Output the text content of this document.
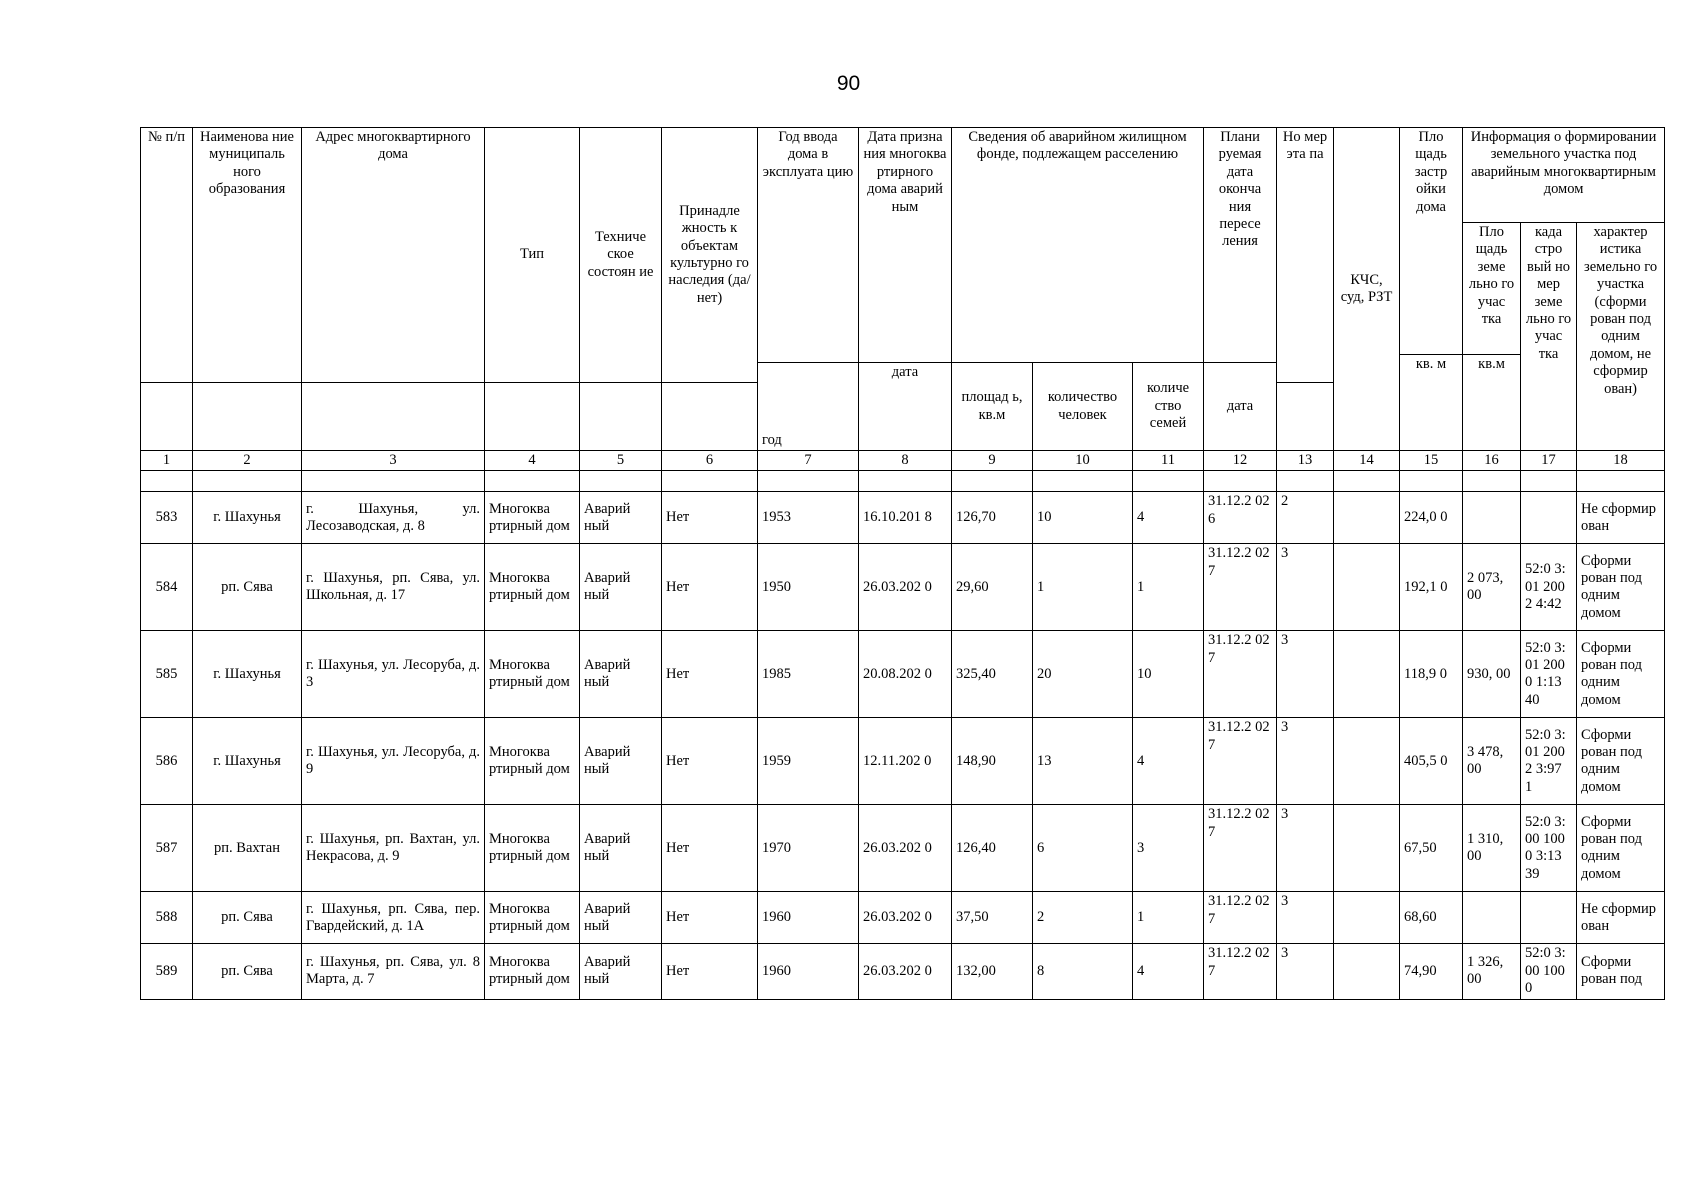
90
№ п/п	Наименова ние муниципаль ного образования	Адрес многоквартирного дома	Тип	Техниче ское состоян ие	Принадле жность к объектам культурно го наследия (да/нет)	Год ввода дома в эксплуата цию	Дата призна ния многоква ртирного дома аварий ным	Сведения об аварийном жилищном фонде, подлежащем расселению			Плани руемая дата оконча ния пересе ления	Но мер эта па	КЧС, суд, РЗТ	Пло щадь застр ойки дома	Информация о формировании земельного участка под аварийным многоквартирным домом		
															Пло щадь земе льно го учас тка	када стро вый но мер земе льно го учас тка	характер истика земельно го участка (сформи рован под одним домом, не сформир ован)
														кв. м	кв.м		
						год	дата	площад ь, кв.м	количество человек	количе ство семей	дата						

1	2	3	4	5	6	7	8	9	10	11	12	13	14	15	16	17	18

583	г. Шахунья	г. Шахунья, ул. Лесозаводская, д. 8	Многоква ртирный дом	Аварий ный	Нет	1953	16.10.201 8	126,70	10	4	31.12.2 026	2		224,0 0			Не сформир ован
584	рп. Сява	г. Шахунья, рп. Сява, ул. Школьная, д. 17	Многоква ртирный дом	Аварий ный	Нет	1950	26.03.202 0	29,60	1	1	31.12.2 027	3		192,1 0	2 073, 00	52:0 3:01 2002 4:42	Сформи рован под одним домом
585	г. Шахунья	г. Шахунья, ул. Лесоруба, д. 3	Многоква ртирный дом	Аварий ный	Нет	1985	20.08.202 0	325,40	20	10	31.12.2 027	3		118,9 0	930, 00	52:0 3:01 2000 1:13 40	Сформи рован под одним домом
586	г. Шахунья	г. Шахунья, ул. Лесоруба, д. 9	Многоква ртирный дом	Аварий ный	Нет	1959	12.11.202 0	148,90	13	4	31.12.2 027	3		405,5 0	3 478, 00	52:0 3:01 2002 3:97 1	Сформи рован под одним домом
587	рп. Вахтан	г. Шахунья, рп. Вахтан, ул. Некрасова, д. 9	Многоква ртирный дом	Аварий ный	Нет	1970	26.03.202 0	126,40	6	3	31.12.2 027	3		67,50	1 310, 00	52:0 3:00 1000 3:13 39	Сформи рован под одним домом
588	рп. Сява	г. Шахунья, рп. Сява, пер. Гвардейский, д. 1А	Многоква ртирный дом	Аварий ный	Нет	1960	26.03.202 0	37,50	2	1	31.12.2 027	3		68,60			Не сформир ован
589	рп. Сява	г. Шахунья, рп. Сява, ул. 8 Марта, д. 7	Многоква ртирный дом	Аварий ный	Нет	1960	26.03.202 0	132,00	8	4	31.12.2 027	3		74,90	1 326, 00	52:0 3:00 1000	Сформи рован под
